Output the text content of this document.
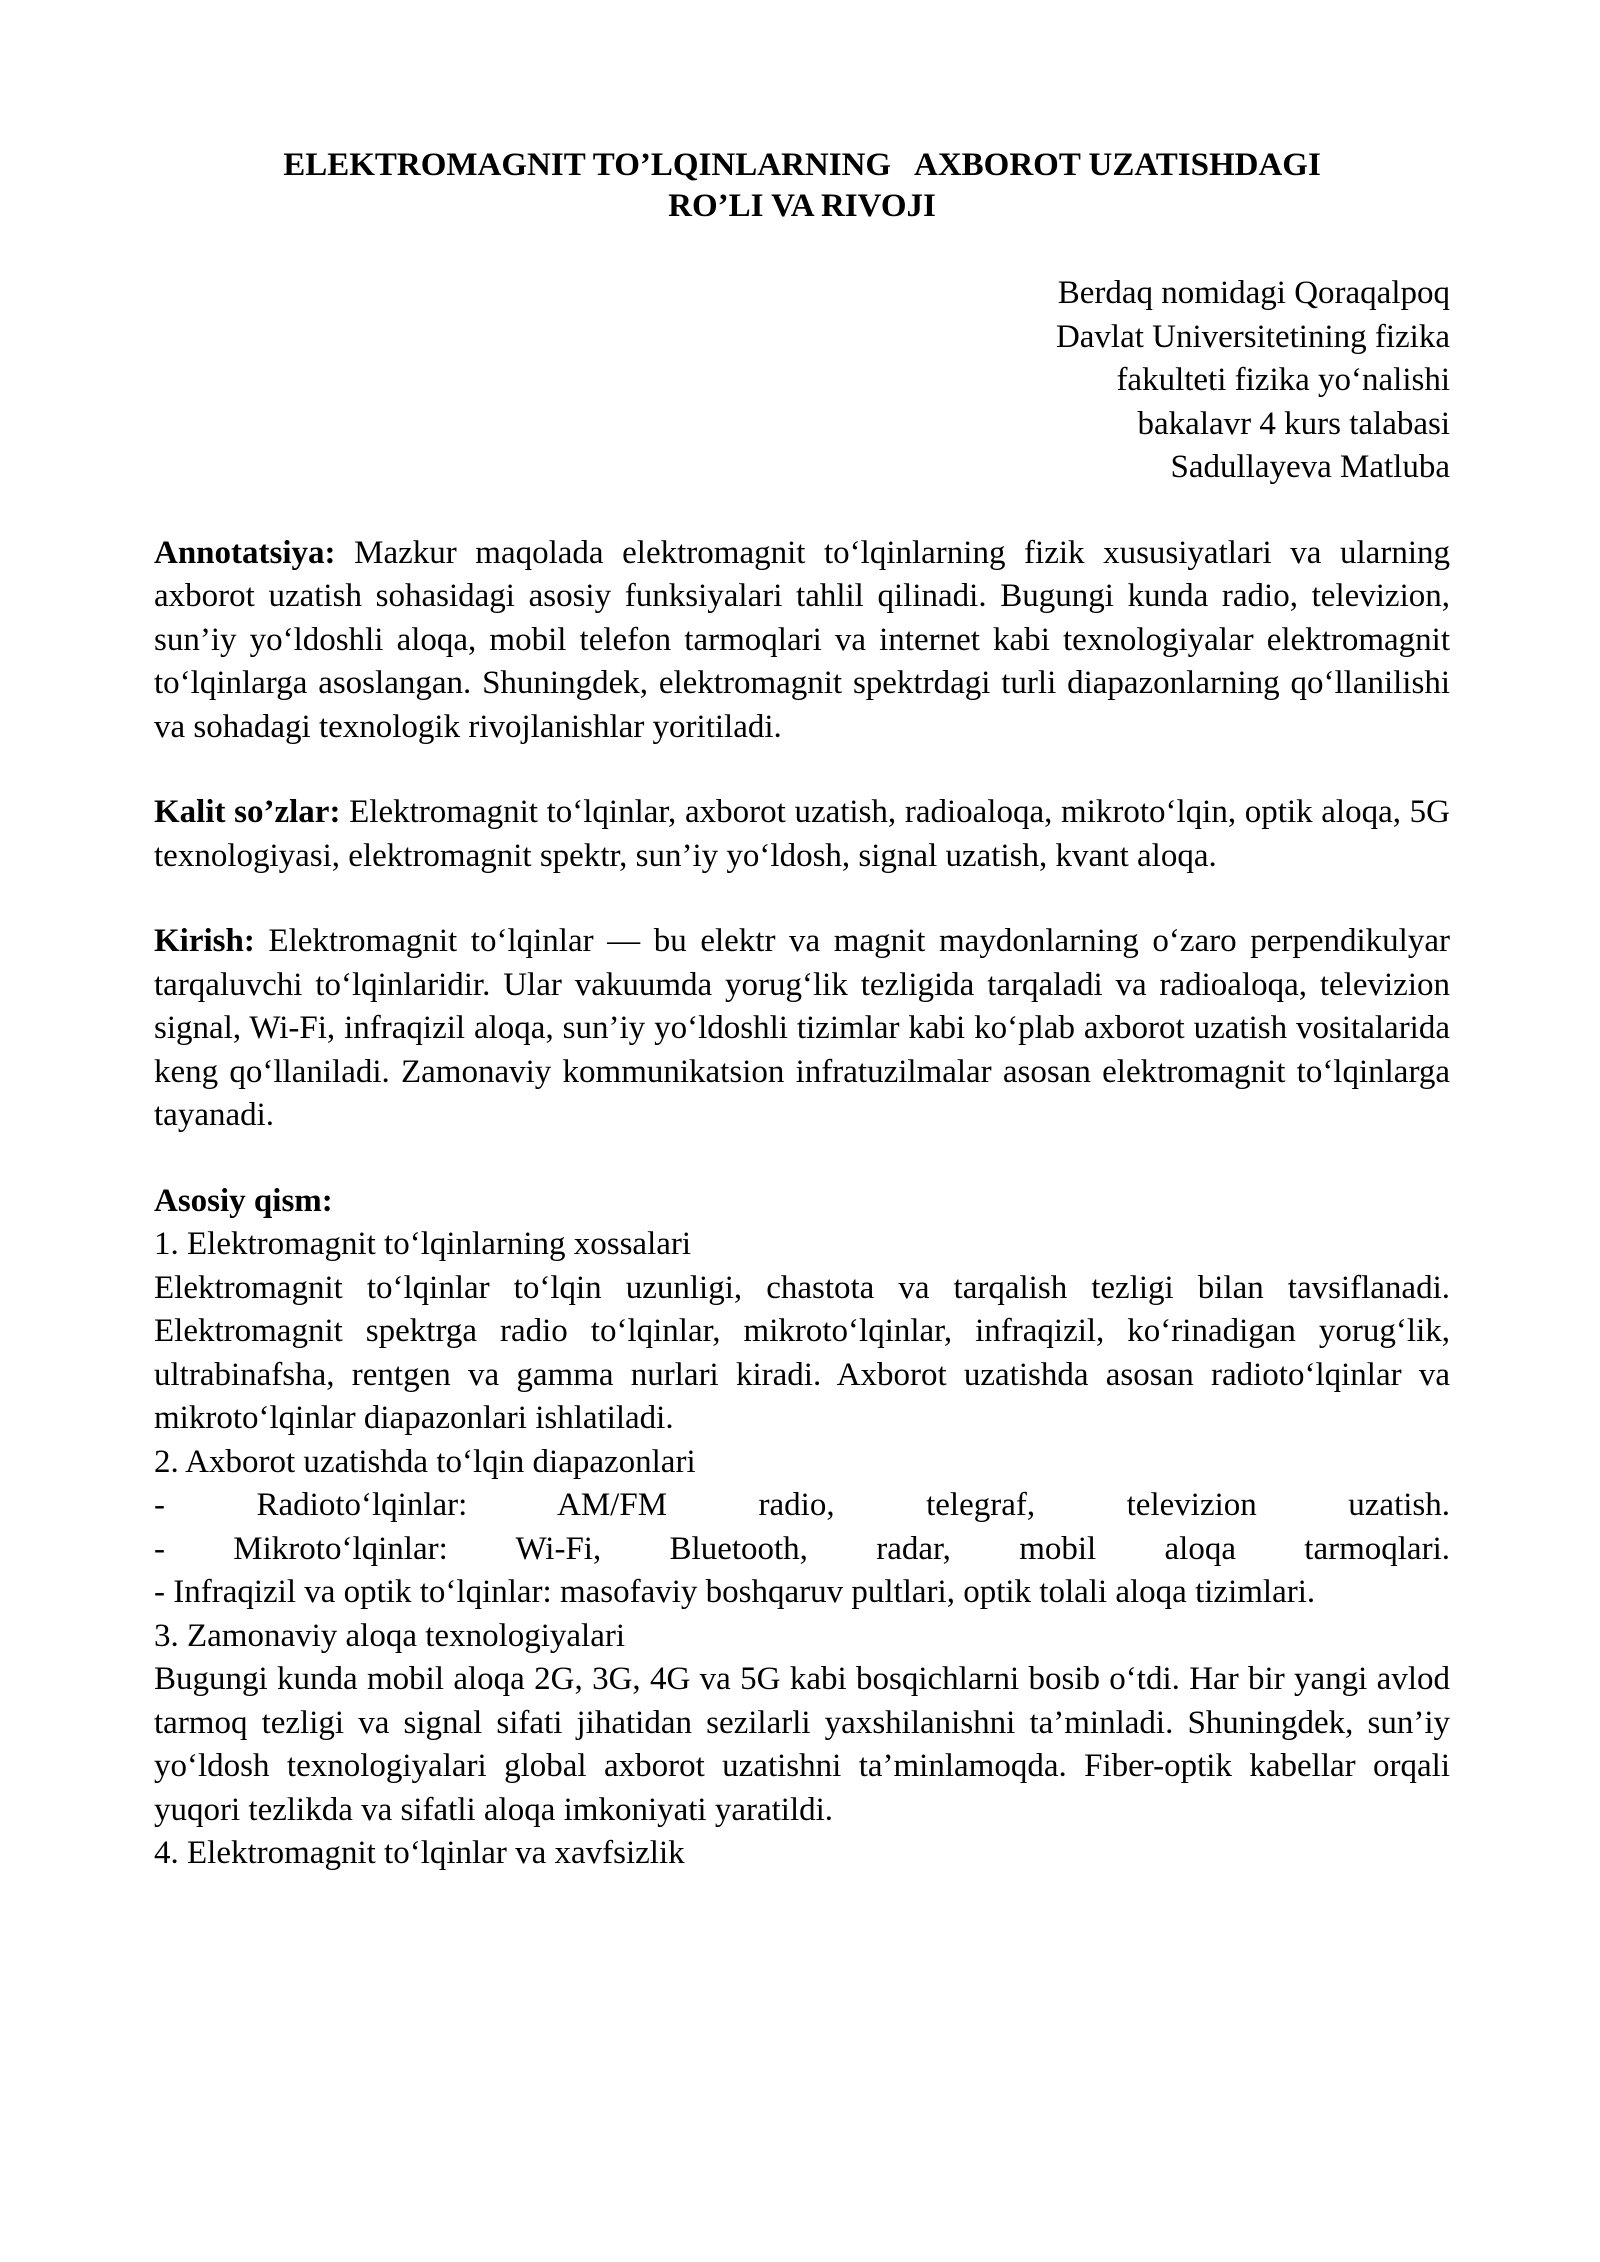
ELEKTROMAGNIT TO’LQINLARNING   AXBOROT UZATISHDAGI
RO’LI VA RIVOJI
Berdaq nomidagi Qoraqalpoq
Davlat Universitetining fizika
fakulteti fizika yo‘nalishi
bakalavr 4 kurs talabasi
Sadullayeva Matluba

Annotatsiya: Mazkur maqolada elektromagnit to‘lqinlarning fizik xususiyatlari va ularning axborot uzatish sohasidagi asosiy funksiyalari tahlil qilinadi. Bugungi kunda radio, televizion, sun’iy yo‘ldoshli aloqa, mobil telefon tarmoqlari va internet kabi texnologiyalar elektromagnit to‘lqinlarga asoslangan. Shuningdek, elektromagnit spektrdagi turli diapazonlarning qo‘llanilishi va sohadagi texnologik rivojlanishlar yoritiladi.

Kalit so’zlar: Elektromagnit to‘lqinlar, axborot uzatish, radioaloqa, mikroto‘lqin, optik aloqa, 5G texnologiyasi, elektromagnit spektr, sun’iy yo‘ldosh, signal uzatish, kvant aloqa.

Kirish: Elektromagnit to‘lqinlar — bu elektr va magnit maydonlarning o‘zaro perpendikulyar tarqaluvchi to‘lqinlaridir. Ular vakuumda yorug‘lik tezligida tarqaladi va radioaloqa, televizion signal, Wi-Fi, infraqizil aloqa, sun’iy yo‘ldoshli tizimlar kabi ko‘plab axborot uzatish vositalarida keng qo‘llaniladi. Zamonaviy kommunikatsion infratuzilmalar asosan elektromagnit to‘lqinlarga tayanadi.

Asosiy qism:

1. Elektromagnit to‘lqinlarning xossalari

Elektromagnit to‘lqinlar to‘lqin uzunligi, chastota va tarqalish tezligi bilan tavsiflanadi. Elektromagnit spektrga radio to‘lqinlar, mikroto‘lqinlar, infraqizil, ko‘rinadigan yorug‘lik, ultrabinafsha, rentgen va gamma nurlari kiradi. Axborot uzatishda asosan radioto‘lqinlar va mikroto‘lqinlar diapazonlari ishlatiladi.

2. Axborot uzatishda to‘lqin diapazonlari

- Radioto‘lqinlar: AM/FM radio, telegraf, televizion uzatish.

- Mikroto‘lqinlar: Wi-Fi, Bluetooth, radar, mobil aloqa tarmoqlari.

- Infraqizil va optik to‘lqinlar: masofaviy boshqaruv pultlari, optik tolali aloqa tizimlari.

3. Zamonaviy aloqa texnologiyalari

Bugungi kunda mobil aloqa 2G, 3G, 4G va 5G kabi bosqichlarni bosib o‘tdi. Har bir yangi avlod tarmoq tezligi va signal sifati jihatidan sezilarli yaxshilanishni ta’minladi. Shuningdek, sun’iy yo‘ldosh texnologiyalari global axborot uzatishni ta’minlamoqda. Fiber-optik kabellar orqali yuqori tezlikda va sifatli aloqa imkoniyati yaratildi.

4. Elektromagnit to‘lqinlar va xavfsizlik
